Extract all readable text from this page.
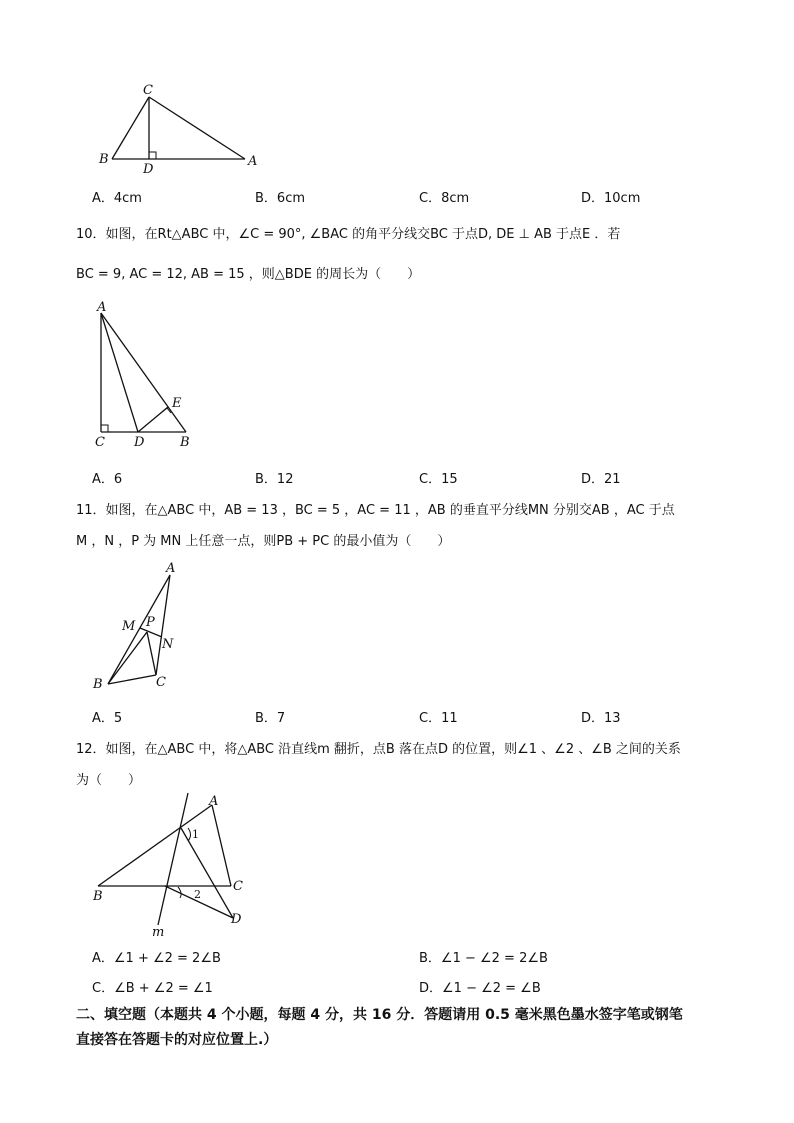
C
B
D
A
A．4cm	B．6cm	C．8cm	D．10cm
10．如图，在Rt△ABC 中，∠C = 90°, ∠BAC 的角平分线交BC 于点D, DE ⊥ AB 于点E ．若
BC = 9, AC = 12, AB = 15 ，则△BDE 的周长为（　　）
A
E
C D	B
A．6	B．12	C．15	D．21
11．如图，在△ABC 中，AB = 13 ，BC = 5 ，AC = 11 ，AB 的垂直平分线MN 分别交AB ，AC 于点
M ，N ，P 为 MN 上任意一点，则PB + PC 的最小值为（　　）
A
M P
N
B	C
A．5	B．7	C．11	D．13
12．如图，在△ABC 中，将△ABC 沿直线m 翻折，点B 落在点D 的位置，则∠1 、∠2 、∠B 之间的关系
为（　　）
A
1
B
C
2
D
m
A．∠1 + ∠2 = 2∠B	B．∠1 − ∠2 = 2∠B
C．∠B + ∠2 = ∠1	D．∠1 − ∠2 = ∠B
二、填空题（本题共 4 个小题，每题 4 分，共 16 分．答题请用 0.5 毫米黑色墨水签字笔或钢笔
直接答在答题卡的对应位置上.）
